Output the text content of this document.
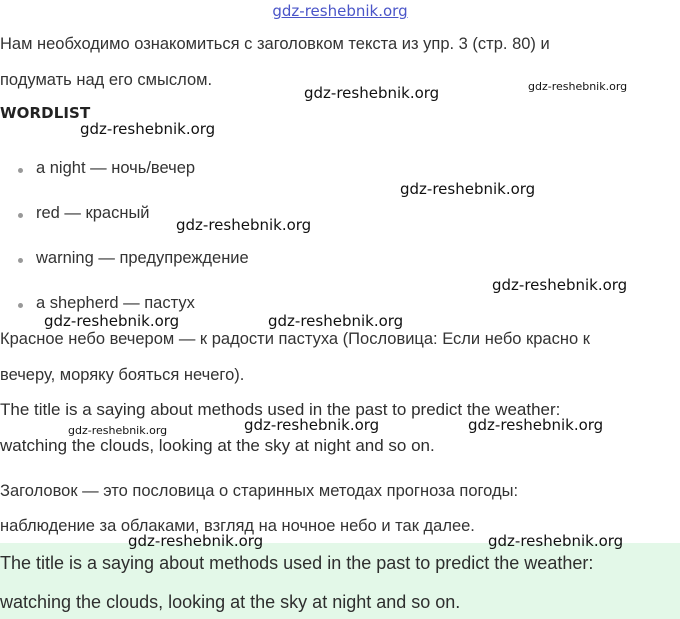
gdz-reshebnik.org
Нам необходимо ознакомиться с заголовком текста из упр. 3 (стр. 80) и
подумать над его смыслом.
WORDLIST
a night — ночь/вечер
red — красный
warning — предупреждение
a shepherd — пастух
Красное небо вечером — к радости пастуха (Пословица: Если небо красно к
вечеру, моряку бояться нечего).
The title is a saying about methods used in the past to predict the weather:
watching the clouds, looking at the sky at night and so on.
Заголовок — это пословица о старинных методах прогноза погоды:
наблюдение за облаками, взгляд на ночное небо и так далее.
The title is a saying about methods used in the past to predict the weather:
watching the clouds, looking at the sky at night and so on.
gdz-reshebnik.org	gdz-reshebnik.org
gdz-reshebnik.org
gdz-reshebnik.org
gdz-reshebnik.org
gdz-reshebnik.org
gdz-reshebnik.org	gdz-reshebnik.org
gdz-reshebnik.org	gdz-reshebnik.org	gdz-reshebnik.org
gdz-reshebnik.org	gdz-reshebnik.org
